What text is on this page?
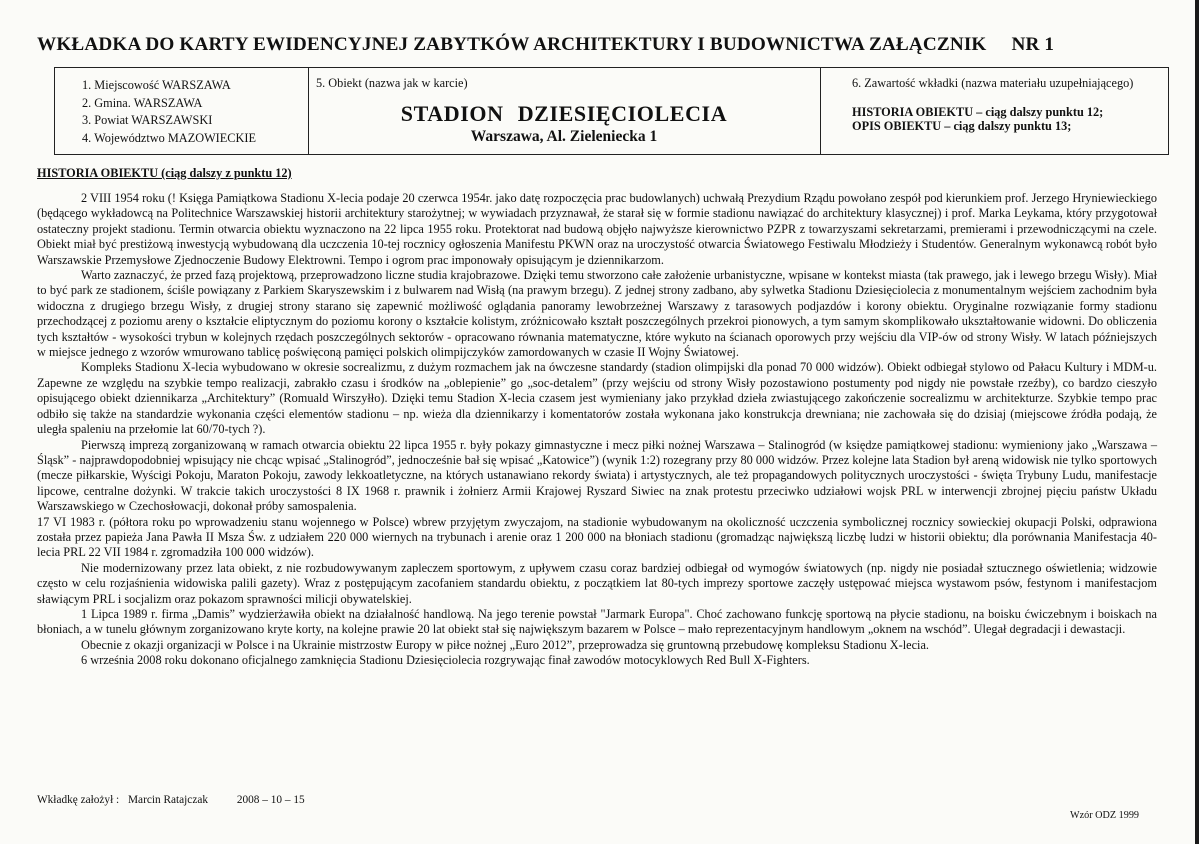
WKŁADKA DO KARTY EWIDENCYJNEJ ZABYTKÓW ARCHITEKTURY I BUDOWNICTWA ZAŁĄCZNIK NR 1
1. Miejscowość WARSZAWA
2. Gmina. WARSZAWA
3. Powiat WARSZAWSKI
4. Województwo MAZOWIECKIE
5. Obiekt (nazwa jak w karcie)
STADION DZIESIĘCIOLECIA
Warszawa, Al. Zieleniecka 1
6. Zawartość wkładki (nazwa materiału uzupełniającego)
HISTORIA OBIEKTU – ciąg dalszy punktu 12;
OPIS OBIEKTU – ciąg dalszy punktu 13;
HISTORIA OBIEKTU (ciąg dalszy z punktu 12)

2 VIII 1954 roku (! Księga Pamiątkowa Stadionu X-lecia podaje 20 czerwca 1954r. jako datę rozpoczęcia prac budowlanych) uchwałą Prezydium Rządu powołano zespół pod kierunkiem prof. Jerzego Hryniewieckiego (będącego wykładowcą na Politechnice Warszawskiej historii architektury starożytnej; w wywiadach przyznawał, że starał się w formie stadionu nawiązać do architektury klasycznej) i prof. Marka Leykama, który przygotował ostateczny projekt stadionu. Termin otwarcia obiektu wyznaczono na 22 lipca 1955 roku. Protektorat nad budową objęło najwyższe kierownictwo PZPR z towarzyszami sekretarzami, premierami i przewodniczącymi na czele. Obiekt miał być prestiżową inwestycją wybudowaną dla uczczenia 10-tej rocznicy ogłoszenia Manifestu PKWN oraz na uroczystość otwarcia Światowego Festiwalu Młodzieży i Studentów. Generalnym wykonawcą robót było Warszawskie Przemysłowe Zjednoczenie Budowy Elektrowni. Tempo i ogrom prac imponowały opisującym je dziennikarzom.

Warto zaznaczyć, że przed fazą projektową, przeprowadzono liczne studia krajobrazowe. Dzięki temu stworzono całe założenie urbanistyczne, wpisane w kontekst miasta (tak prawego, jak i lewego brzegu Wisły). Miał to być park ze stadionem, ściśle powiązany z Parkiem Skaryszewskim i z bulwarem nad Wisłą (na prawym brzegu). Z jednej strony zadbano, aby sylwetka Stadionu Dziesięciolecia z monumentalnym wejściem zachodnim była widoczna z drugiego brzegu Wisły, z drugiej strony starano się zapewnić możliwość oglądania panoramy lewobrzeżnej Warszawy z tarasowych podjazdów i korony obiektu. Oryginalne rozwiązanie formy stadionu przechodzącej z poziomu areny o kształcie eliptycznym do poziomu korony o kształcie kolistym, zróżnicowało kształt poszczególnych przekroi pionowych, a tym samym skomplikowało ukształtowanie widowni. Do obliczenia tych kształtów - wysokości trybun w kolejnych rzędach poszczególnych sektorów - opracowano równania matematyczne, które wykuto na ścianach oporowych przy wejściu dla VIP-ów od strony Wisły. W latach późniejszych w miejsce jednego z wzorów wmurowano tablicę poświęconą pamięci polskich olimpijczyków zamordowanych w czasie II Wojny Światowej.

Kompleks Stadionu X-lecia wybudowano w okresie socrealizmu, z dużym rozmachem jak na ówczesne standardy (stadion olimpijski dla ponad 70 000 widzów). Obiekt odbiegał stylowo od Pałacu Kultury i MDM-u. Zapewne ze względu na szybkie tempo realizacji, zabrakło czasu i środków na „oblepienie” go „soc-detalem” (przy wejściu od strony Wisły pozostawiono postumenty pod nigdy nie powstałe rzeźby), co bardzo cieszyło opisującego obiekt dziennikarza „Architektury” (Romuald Wirszyłło). Dzięki temu Stadion X-lecia czasem jest wymieniany jako przykład dzieła zwiastującego zakończenie socrealizmu w architekturze. Szybkie tempo prac odbiło się także na standardzie wykonania części elementów stadionu – np. wieża dla dziennikarzy i komentatorów została wykonana jako konstrukcja drewniana; nie zachowała się do dzisiaj (miejscowe źródła podają, że uległa spaleniu na przełomie lat 60/70-tych ?).

Pierwszą imprezą zorganizowaną w ramach otwarcia obiektu 22 lipca 1955 r. były pokazy gimnastyczne i mecz piłki nożnej Warszawa – Stalinogród (w księdze pamiątkowej stadionu: wymieniony jako „Warszawa – Śląsk” - najprawdopodobniej wpisujący nie chcąc wpisać „Stalinogród”, jednocześnie bał się wpisać „Katowice”) (wynik 1:2) rozegrany przy 80 000 widzów. Przez kolejne lata Stadion był areną widowisk nie tylko sportowych (mecze piłkarskie, Wyścigi Pokoju, Maraton Pokoju, zawody lekkoatletyczne, na których ustanawiano rekordy świata) i artystycznych, ale też propagandowych politycznych uroczystości - święta Trybuny Ludu, manifestacje lipcowe, centralne dożynki. W trakcie takich uroczystości 8 IX 1968 r. prawnik i żołnierz Armii Krajowej Ryszard Siwiec na znak protestu przeciwko udziałowi wojsk PRL w interwencji zbrojnej pięciu państw Układu Warszawskiego w Czechosłowacji, dokonał próby samospalenia.

17 VI 1983 r. (półtora roku po wprowadzeniu stanu wojennego w Polsce) wbrew przyjętym zwyczajom, na stadionie wybudowanym na okoliczność uczczenia symbolicznej rocznicy sowieckiej okupacji Polski, odprawiona została przez papieża Jana Pawła II Msza Św. z udziałem 220 000 wiernych na trybunach i arenie oraz 1 200 000 na błoniach stadionu (gromadząc największą liczbę ludzi w historii obiektu; dla porównania Manifestacja 40-lecia PRL 22 VII 1984 r. zgromadziła 100 000 widzów).

Nie modernizowany przez lata obiekt, z nie rozbudowywanym zapleczem sportowym, z upływem czasu coraz bardziej odbiegał od wymogów światowych (np. nigdy nie posiadał sztucznego oświetlenia; widzowie często w celu rozjaśnienia widowiska palili gazety). Wraz z postępującym zacofaniem standardu obiektu, z początkiem lat 80-tych imprezy sportowe zaczęły ustępować miejsca wystawom psów, festynom i manifestacjom sławiącym PRL i socjalizm oraz pokazom sprawności milicji obywatelskiej.

1 Lipca 1989 r. firma „Damis” wydzierżawiła obiekt na działalność handlową. Na jego terenie powstał "Jarmark Europa". Choć zachowano funkcję sportową na płycie stadionu, na boisku ćwiczebnym i boiskach na błoniach, a w tunelu głównym zorganizowano kryte korty, na kolejne prawie 20 lat obiekt stał się największym bazarem w Polsce – mało reprezentacyjnym handlowym „oknem na wschód”. Ulegał degradacji i dewastacji.

Obecnie z okazji organizacji w Polsce i na Ukrainie mistrzostw Europy w piłce nożnej „Euro 2012”, przeprowadza się gruntowną przebudowę kompleksu Stadionu X-lecia.

6 września 2008 roku dokonano oficjalnego zamknięcia Stadionu Dziesięciolecia rozgrywając finał zawodów motocyklowych Red Bull X-Fighters.

Wkładkę założył : Marcin Ratajczak	2008 – 10 – 15
Wzór ODZ 1999
